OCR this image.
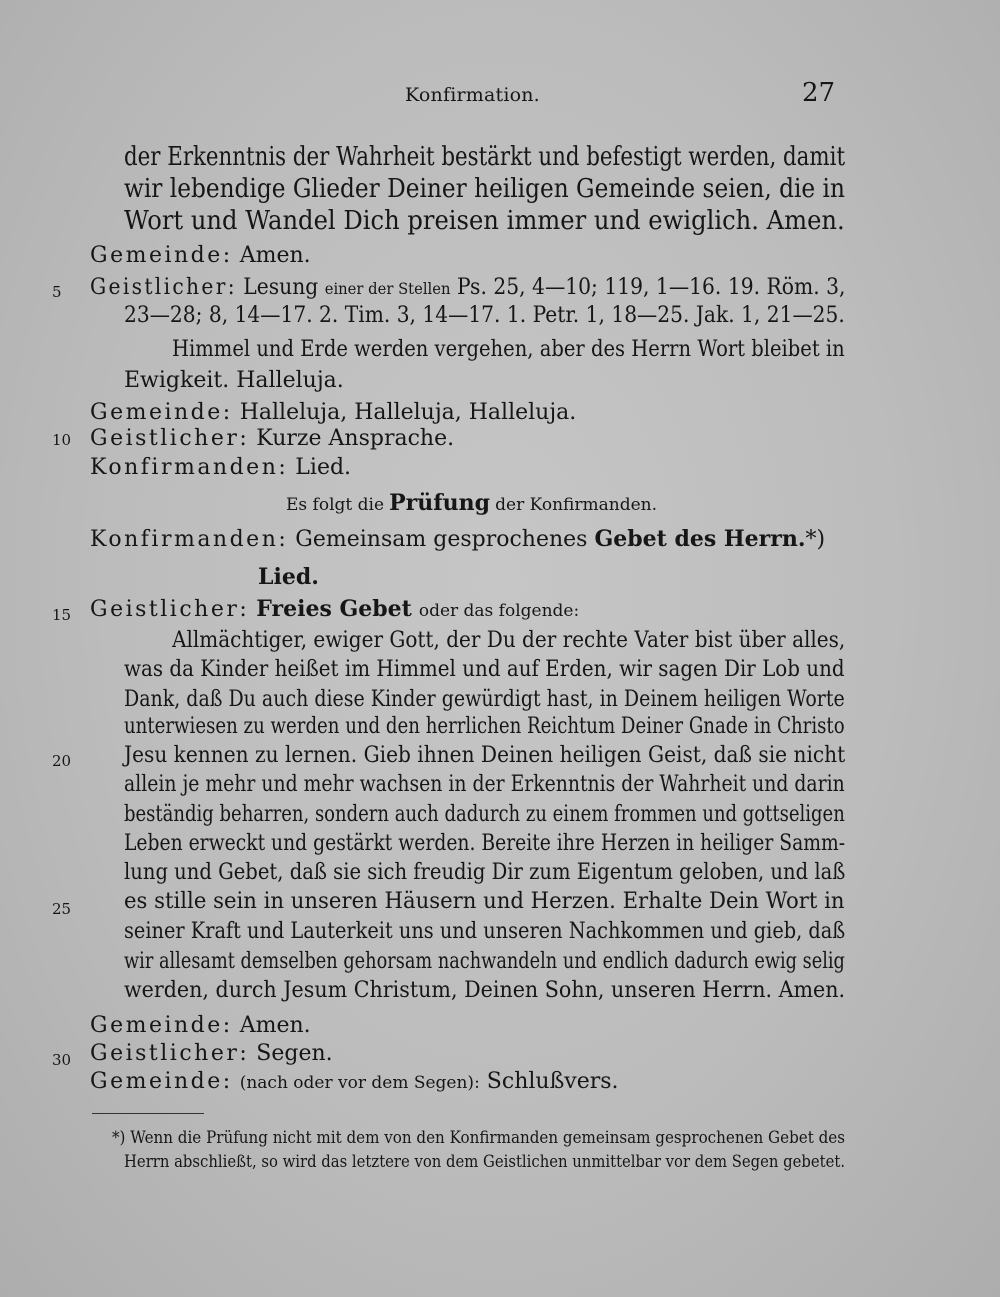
Konfirmation.	27
5
10
15
20
25
30
der Erkenntnis der Wahrheit bestärkt und befestigt werden, damit
wir lebendige Glieder Deiner heiligen Gemeinde seien, die in
Wort und Wandel Dich preisen immer und ewiglich. Amen.
Gemeinde: Amen.
Geistlicher: Lesung einer der Stellen Ps. 25, 4—10; 119, 1—16. 19. Röm. 3,
23—28; 8, 14—17. 2. Tim. 3, 14—17. 1. Petr. 1, 18—25. Jak. 1, 21—25.
Himmel und Erde werden vergehen, aber des Herrn Wort bleibet in
Ewigkeit. Halleluja.
Gemeinde: Halleluja, Halleluja, Halleluja.
Geistlicher: Kurze Ansprache.
Konfirmanden: Lied.
Es folgt die Prüfung der Konfirmanden.
Konfirmanden: Gemeinsam gesprochenes Gebet des Herrn.*)
Lied.
Geistlicher: Freies Gebet oder das folgende:
Allmächtiger, ewiger Gott, der Du der rechte Vater bist über alles,
was da Kinder heißet im Himmel und auf Erden, wir sagen Dir Lob und
Dank, daß Du auch diese Kinder gewürdigt hast, in Deinem heiligen Worte
unterwiesen zu werden und den herrlichen Reichtum Deiner Gnade in Christo
Jesu kennen zu lernen. Gieb ihnen Deinen heiligen Geist, daß sie nicht
allein je mehr und mehr wachsen in der Erkenntnis der Wahrheit und darin
beständig beharren, sondern auch dadurch zu einem frommen und gottseligen
Leben erweckt und gestärkt werden. Bereite ihre Herzen in heiliger Samm-
lung und Gebet, daß sie sich freudig Dir zum Eigentum geloben, und laß
es stille sein in unseren Häusern und Herzen. Erhalte Dein Wort in
seiner Kraft und Lauterkeit uns und unseren Nachkommen und gieb, daß
wir allesamt demselben gehorsam nachwandeln und endlich dadurch ewig selig
werden, durch Jesum Christum, Deinen Sohn, unseren Herrn. Amen.
Gemeinde: Amen.
Geistlicher: Segen.
Gemeinde: (nach oder vor dem Segen): Schlußvers.
*) Wenn die Prüfung nicht mit dem von den Konfirmanden gemeinsam gesprochenen Gebet des
Herrn abschließt, so wird das letztere von dem Geistlichen unmittelbar vor dem Segen gebetet.
